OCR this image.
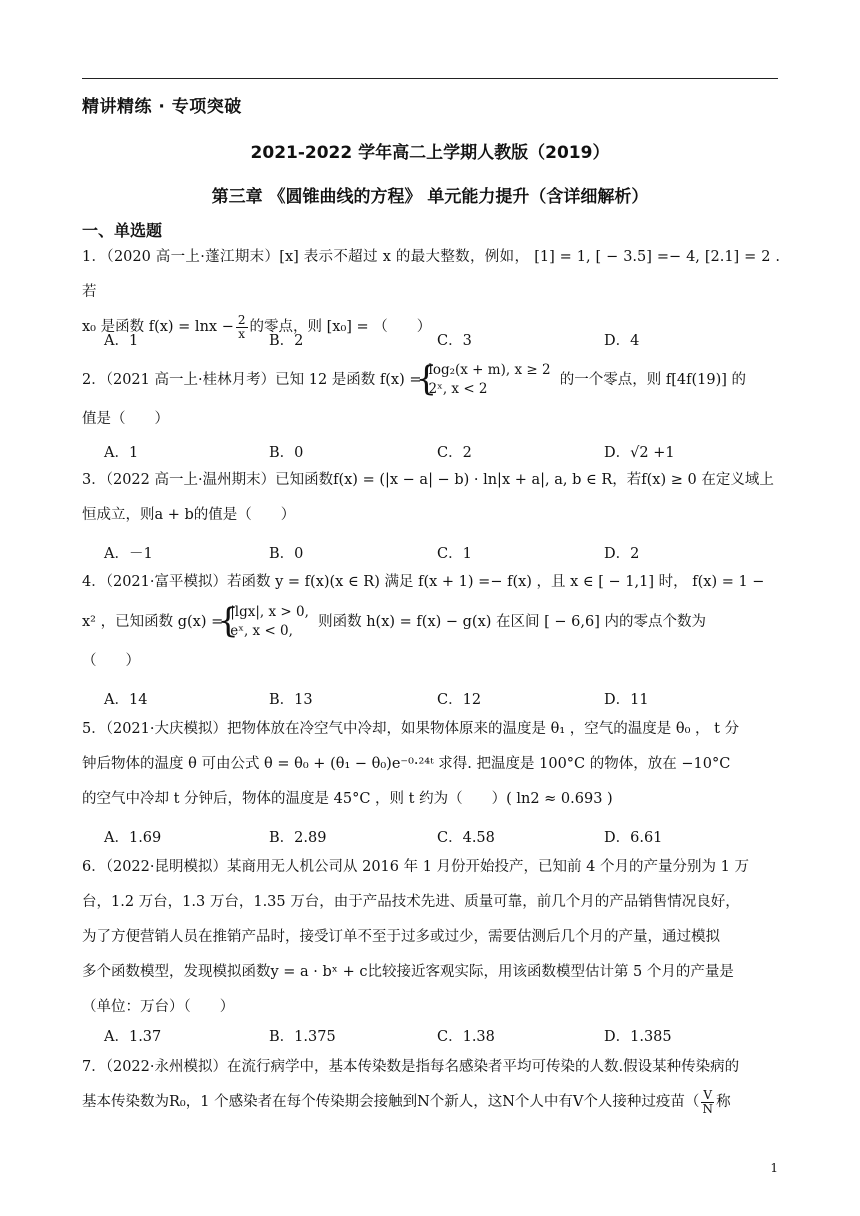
精讲精练 · 专项突破
2021-2022 学年高二上学期人教版（2019）
第三章 《圆锥曲线的方程》 单元能力提升（含详细解析）
一、单选题
1．（2020 高一上·蓬江期末）[x] 表示不超过 x 的最大整数，例如， [1] = 1, [ − 3.5] =− 4, [2.1] = 2 . 若
x₀ 是函数 $f(x) = \ln x - \frac{2}{x}$ 的零点，则 [x₀] = （　　）
A．1	B．2	C．3	D．4
2．（2021 高一上·桂林月考）已知 12 是函数 f(x) =
{
log₂(x + m), x ≥ 2
2ˣ, x < 2
的一个零点，则 f[4f(19)] 的
值是（　　）
A．1	B．0	C．2	D．√2 +1
3．（2022 高一上·温州期末）已知函数f(x) = (|x − a| − b) · ln|x + a|, a, b ∈ R，若f(x) ≥ 0 在定义域上
恒成立，则a + b的值是（　　）
A．－1	B．0	C．1	D．2
4．（2021·富平模拟）若函数 y = f(x)(x ∈ R) 满足 f(x + 1) =− f(x) ，且 x ∈ [ − 1,1] 时， f(x) = 1 −
x² ，已知函数 g(x) =
{
|lgx|, x > 0,
eˣ, x < 0,
则函数 h(x) = f(x) − g(x) 在区间 [ − 6,6] 内的零点个数为
（　　）
A．14	B．13	C．12	D．11
5．（2021·大庆模拟）把物体放在冷空气中冷却，如果物体原来的温度是 θ₁ ，空气的温度是 θ₀ ， t 分
钟后物体的温度 θ 可由公式 θ = θ₀ + (θ₁ − θ₀)e⁻⁰·²⁴ᵗ 求得. 把温度是 100°C 的物体，放在 −10°C
的空气中冷却 t 分钟后，物体的温度是 45°C ，则 t 约为（　　）( ln2 ≈ 0.693 )
A．1.69	B．2.89	C．4.58	D．6.61
6．（2022·昆明模拟）某商用无人机公司从 2016 年 1 月份开始投产，已知前 4 个月的产量分别为 1 万
台，1.2 万台，1.3 万台，1.35 万台，由于产品技术先进、质量可靠，前几个月的产品销售情况良好，
为了方便营销人员在推销产品时，接受订单不至于过多或过少，需要估测后几个月的产量，通过模拟
多个函数模型，发现模拟函数y = a · bˣ + c比较接近客观实际，用该函数模型估计第 5 个月的产量是
（单位：万台）（　　）
A．1.37	B．1.375	C．1.38	D．1.385
7．（2022·永州模拟）在流行病学中，基本传染数是指每名感染者平均可传染的人数.假设某种传染病的
基本传染数为R₀，1 个感染者在每个传染期会接触到N个新人，这N个人中有V个人接种过疫苗（ $\frac{V}{N}$ 称
1
